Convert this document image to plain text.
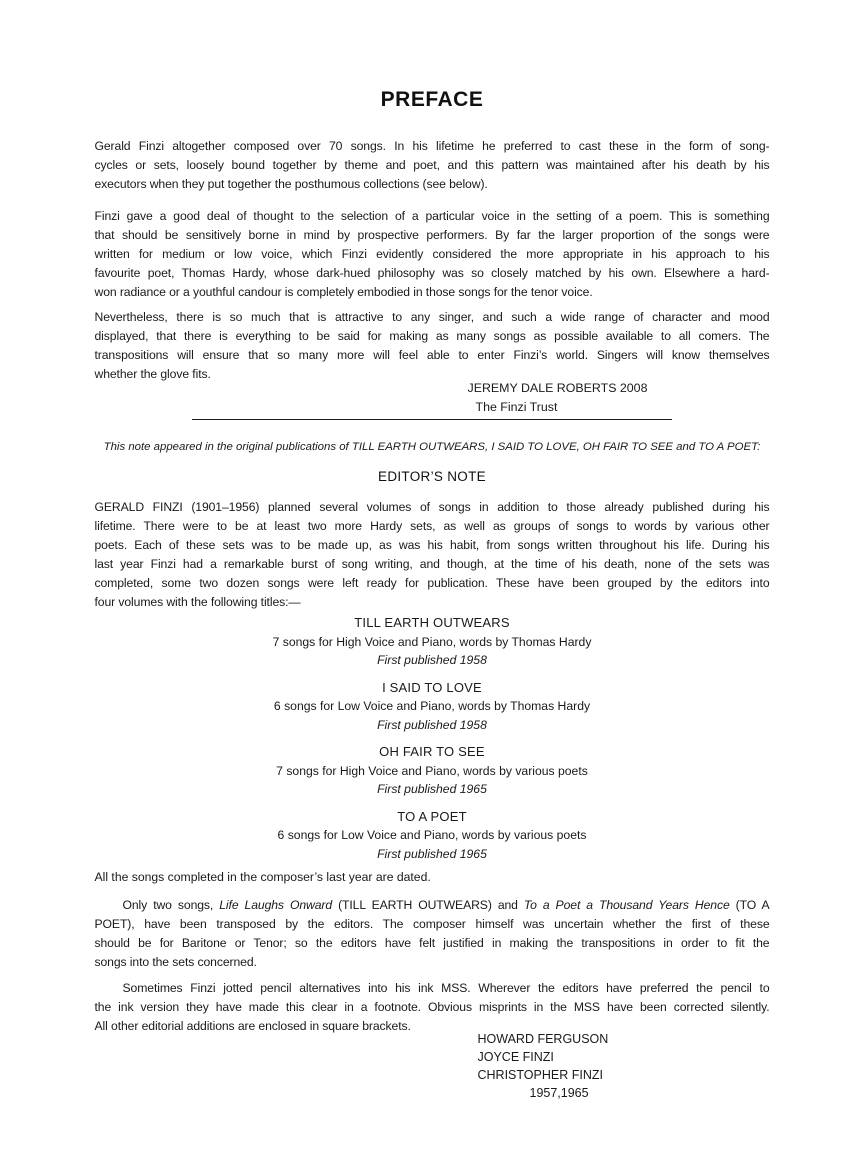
PREFACE
Gerald Finzi altogether composed over 70 songs. In his lifetime he preferred to cast these in the form of song-
cycles or sets, loosely bound together by theme and poet, and this pattern was maintained after his death by his
executors when they put together the posthumous collections (see below).
Finzi gave a good deal of thought to the selection of a particular voice in the setting of a poem. This is something
that should be sensitively borne in mind by prospective performers. By far the larger proportion of the songs were
written for medium or low voice, which Finzi evidently considered the more appropriate in his approach to his
favourite poet, Thomas Hardy, whose dark-hued philosophy was so closely matched by his own. Elsewhere a hard-
won radiance or a youthful candour is completely embodied in those songs for the tenor voice.
Nevertheless, there is so much that is attractive to any singer, and such a wide range of character and mood
displayed, that there is everything to be said for making as many songs as possible available to all comers. The
transpositions will ensure that so many more will feel able to enter Finzi’s world. Singers will know themselves
whether the glove fits.
JEREMY DALE ROBERTS 2008
The Finzi Trust
This note appeared in the original publications of TILL EARTH OUTWEARS, I SAID TO LOVE, OH FAIR TO SEE and TO A POET:
EDITOR’S NOTE
GERALD FINZI (1901–1956) planned several volumes of songs in addition to those already published during his
lifetime. There were to be at least two more Hardy sets, as well as groups of songs to words by various other
poets. Each of these sets was to be made up, as was his habit, from songs written throughout his life. During his
last year Finzi had a remarkable burst of song writing, and though, at the time of his death, none of the sets was
completed, some two dozen songs were left ready for publication. These have been grouped by the editors into
four volumes with the following titles:—
TILL EARTH OUTWEARS
7 songs for High Voice and Piano, words by Thomas Hardy
First published 1958
I SAID TO LOVE
6 songs for Low Voice and Piano, words by Thomas Hardy
First published 1958
OH FAIR TO SEE
7 songs for High Voice and Piano, words by various poets
First published 1965
TO A POET
6 songs for Low Voice and Piano, words by various poets
First published 1965
All the songs completed in the composer’s last year are dated.
Only two songs, Life Laughs Onward (TILL EARTH OUTWEARS) and To a Poet a Thousand Years Hence (TO A
POET), have been transposed by the editors. The composer himself was uncertain whether the first of these
should be for Baritone or Tenor; so the editors have felt justified in making the transpositions in order to fit the
songs into the sets concerned.
Sometimes Finzi jotted pencil alternatives into his ink MSS. Wherever the editors have preferred the pencil to
the ink version they have made this clear in a footnote. Obvious misprints in the MSS have been corrected silently.
All other editorial additions are enclosed in square brackets.
HOWARD FERGUSON
JOYCE FINZI
CHRISTOPHER FINZI
1957,1965
